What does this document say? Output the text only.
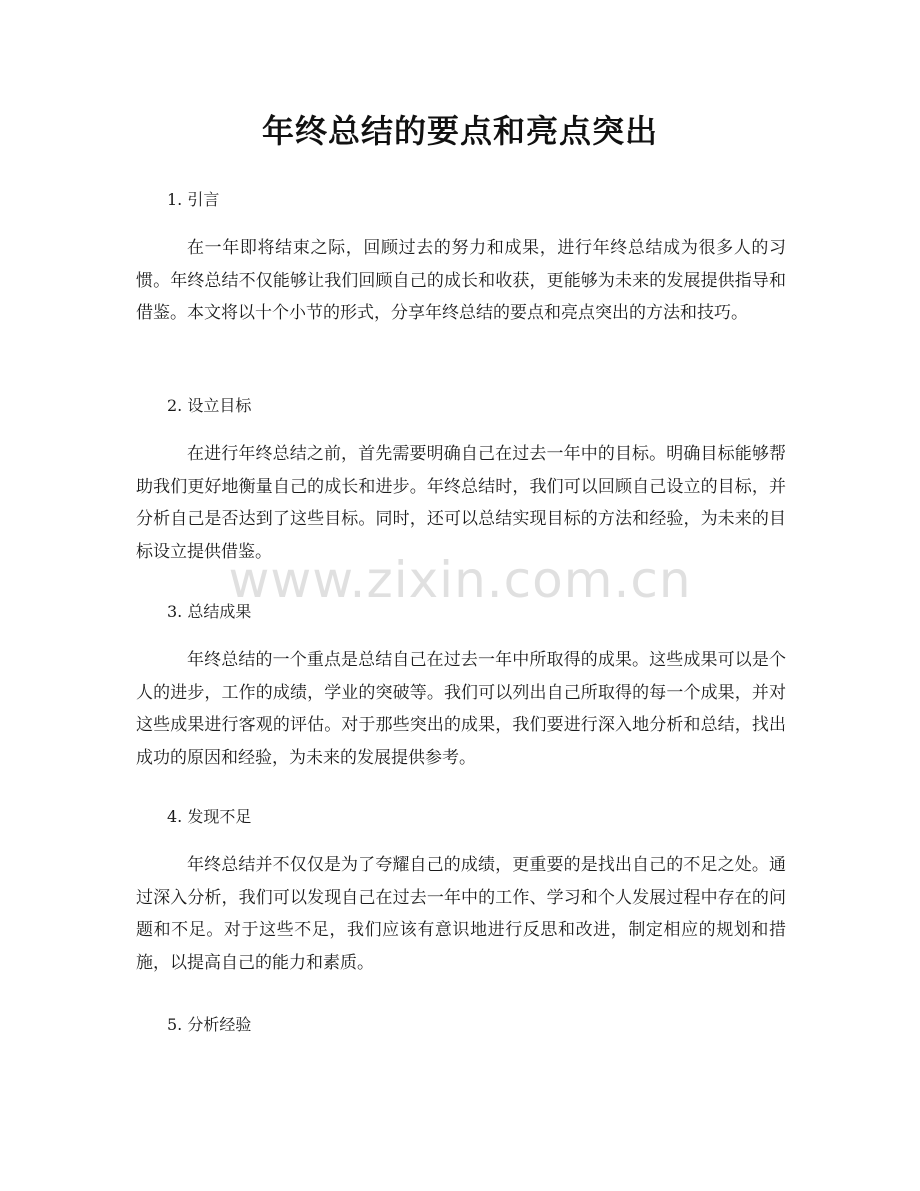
年终总结的要点和亮点突出
1. 引言

在一年即将结束之际，回顾过去的努力和成果，进行年终总结成为很多人的习惯。年终总结不仅能够让我们回顾自己的成长和收获，更能够为未来的发展提供指导和借鉴。本文将以十个小节的形式，分享年终总结的要点和亮点突出的方法和技巧。

2. 设立目标

在进行年终总结之前，首先需要明确自己在过去一年中的目标。明确目标能够帮助我们更好地衡量自己的成长和进步。年终总结时，我们可以回顾自己设立的目标，并分析自己是否达到了这些目标。同时，还可以总结实现目标的方法和经验，为未来的目标设立提供借鉴。

3. 总结成果

年终总结的一个重点是总结自己在过去一年中所取得的成果。这些成果可以是个人的进步，工作的成绩，学业的突破等。我们可以列出自己所取得的每一个成果，并对这些成果进行客观的评估。对于那些突出的成果，我们要进行深入地分析和总结，找出成功的原因和经验，为未来的发展提供参考。

4. 发现不足

年终总结并不仅仅是为了夸耀自己的成绩，更重要的是找出自己的不足之处。通过深入分析，我们可以发现自己在过去一年中的工作、学习和个人发展过程中存在的问题和不足。对于这些不足，我们应该有意识地进行反思和改进，制定相应的规划和措施，以提高自己的能力和素质。

5. 分析经验
www.zixin.com.cn
